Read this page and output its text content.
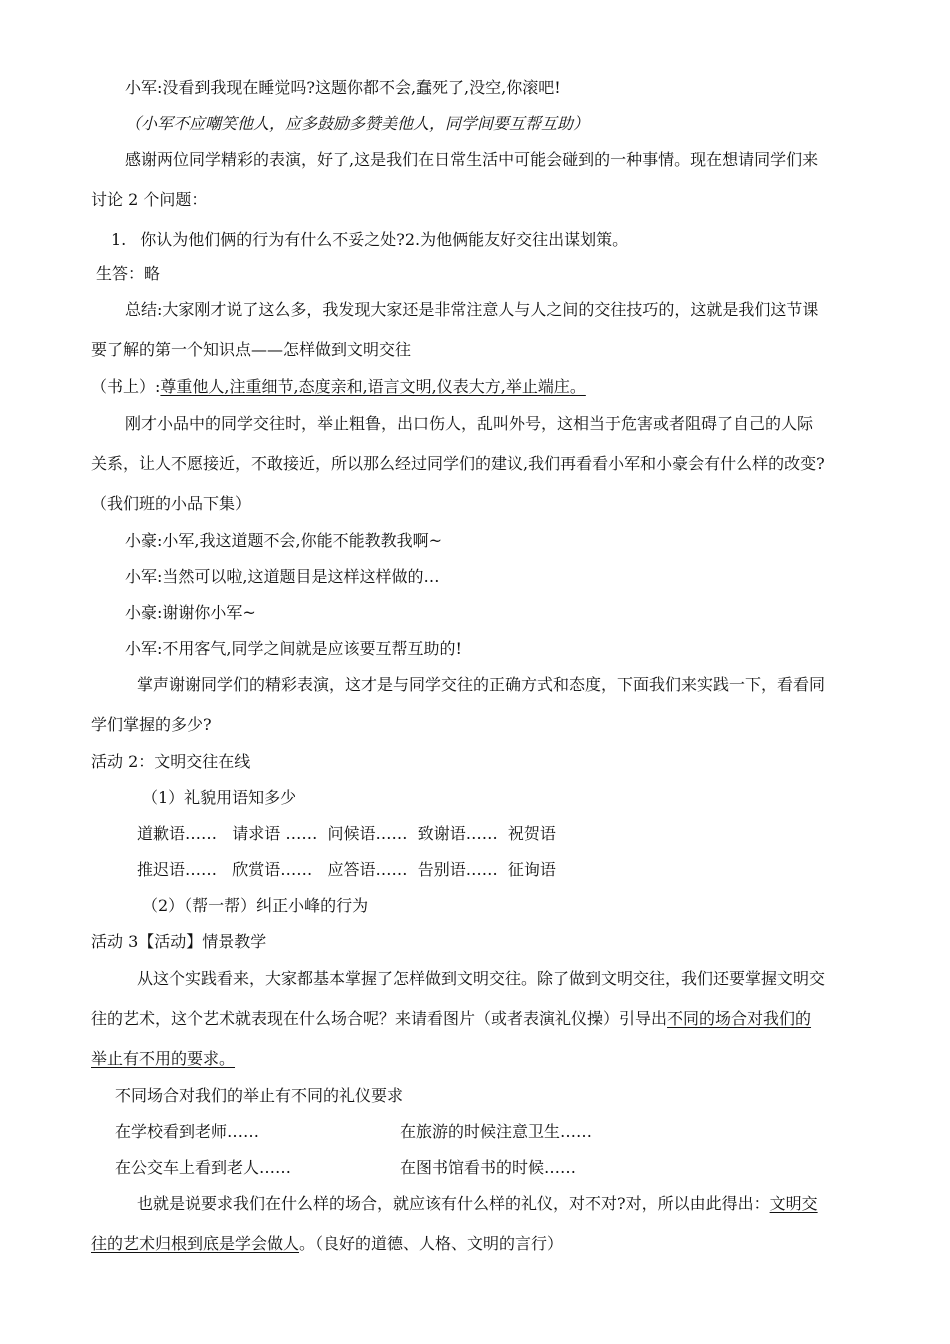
小军:没看到我现在睡觉吗?这题你都不会,蠢死了,没空,你滚吧!
（小军不应嘲笑他人，应多鼓励多赞美他人，同学间要互帮互助）
感谢两位同学精彩的表演，好了,这是我们在日常生活中可能会碰到的一种事情。现在想请同学们来
讨论 2 个问题：
1. 你认为他们俩的行为有什么不妥之处?2.为他俩能友好交往出谋划策。
生答：略
总结:大家刚才说了这么多，我发现大家还是非常注意人与人之间的交往技巧的，这就是我们这节课
要了解的第一个知识点——怎样做到文明交往
（书上）:尊重他人,注重细节,态度亲和,语言文明,仪表大方,举止端庄。
刚才小品中的同学交往时，举止粗鲁，出口伤人，乱叫外号，这相当于危害或者阻碍了自己的人际
关系，让人不愿接近，不敢接近，所以那么经过同学们的建议,我们再看看小军和小豪会有什么样的改变?
（我们班的小品下集）
小豪:小军,我这道题不会,你能不能教教我啊~
小军:当然可以啦,这道题目是这样这样做的…
小豪:谢谢你小军~
小军:不用客气,同学之间就是应该要互帮互助的!
掌声谢谢同学们的精彩表演，这才是与同学交往的正确方式和态度，下面我们来实践一下，看看同
学们掌握的多少?
活动 2：文明交往在线
（1）礼貌用语知多少
道歉语……   请求语 ……  问候语……  致谢语……  祝贺语
推迟语……   欣赏语……   应答语……  告别语……  征询语
（2）（帮一帮）纠正小峰的行为
活动 3【活动】情景教学
从这个实践看来，大家都基本掌握了怎样做到文明交往。除了做到文明交往，我们还要掌握文明交
往的艺术，这个艺术就表现在什么场合呢？来请看图片（或者表演礼仪操）引导出不同的场合对我们的
举止有不用的要求。
不同场合对我们的举止有不同的礼仪要求
在学校看到老师……	在旅游的时候注意卫生……
在公交车上看到老人……	在图书馆看书的时候……
也就是说要求我们在什么样的场合，就应该有什么样的礼仪，对不对?对，所以由此得出：文明交
往的艺术归根到底是学会做人。（良好的道德、人格、文明的言行）
